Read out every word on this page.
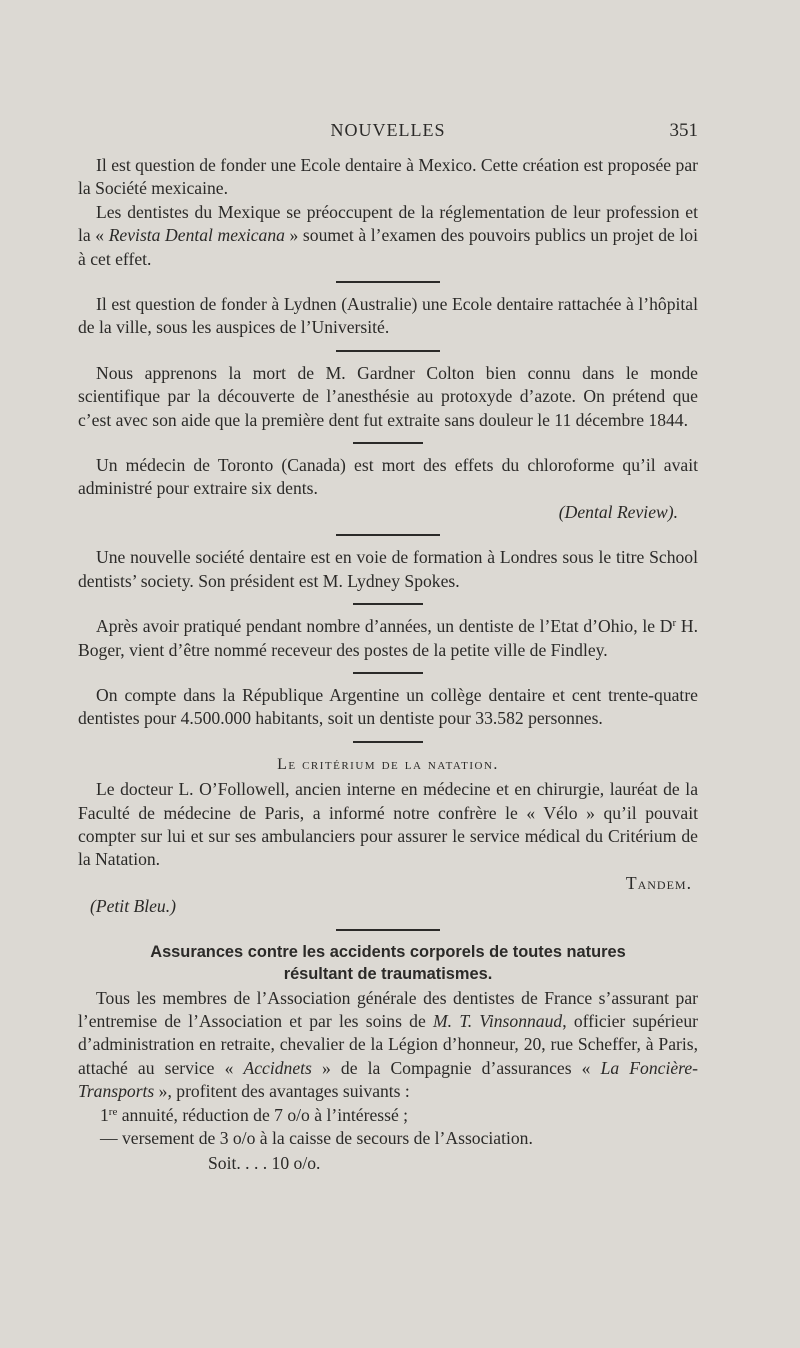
NOUVELLES	351

Il est question de fonder une Ecole dentaire à Mexico. Cette création est proposée par la Société mexicaine.

Les dentistes du Mexique se préoccupent de la réglementation de leur profession et la « Revista Dental mexicana » soumet à l’examen des pouvoirs publics un projet de loi à cet effet.

Il est question de fonder à Lydnen (Australie) une Ecole dentaire rattachée à l’hôpital de la ville, sous les auspices de l’Université.

Nous apprenons la mort de M. Gardner Colton bien connu dans le monde scientifique par la découverte de l’anesthésie au protoxyde d’azote. On prétend que c’est avec son aide que la première dent fut extraite sans douleur le 11 décembre 1844.

Un médecin de Toronto (Canada) est mort des effets du chloroforme qu’il avait administré pour extraire six dents.

(Dental Review).

Une nouvelle société dentaire est en voie de formation à Londres sous le titre School dentists’ society. Son président est M. Lydney Spokes.

Après avoir pratiqué pendant nombre d’années, un dentiste de l’Etat d’Ohio, le $D^r$ H. Boger, vient d’être nommé receveur des postes de la petite ville de Findley.

On compte dans la République Argentine un collège dentaire et cent trente-quatre dentistes pour 4.500.000 habitants, soit un dentiste pour 33.582 personnes.

Le critérium de la natation.

Le docteur L. O’Followell, ancien interne en médecine et en chirurgie, lauréat de la Faculté de médecine de Paris, a informé notre confrère le « Vélo » qu’il pouvait compter sur lui et sur ses ambulanciers pour assurer le service médical du Critérium de la Natation.

Tandem.

(Petit Bleu.)

Assurances contre les accidents corporels de toutes natures
résultant de traumatismes.

Tous les membres de l’Association générale des dentistes de France s’assurant par l’entremise de l’Association et par les soins de M. T. Vinsonnaud, officier supérieur d’administration en retraite, chevalier de la Légion d’honneur, 20, rue Scheffer, à Paris, attaché au service « Accidnets » de la Compagnie d’assurances « La Foncière-Transports », profitent des avantages suivants :

1re annuité, réduction de 7 o/o à l’intéressé ;

— versement de 3 o/o à la caisse de secours de l’Association.

Soit. . . . 10 o/o.
